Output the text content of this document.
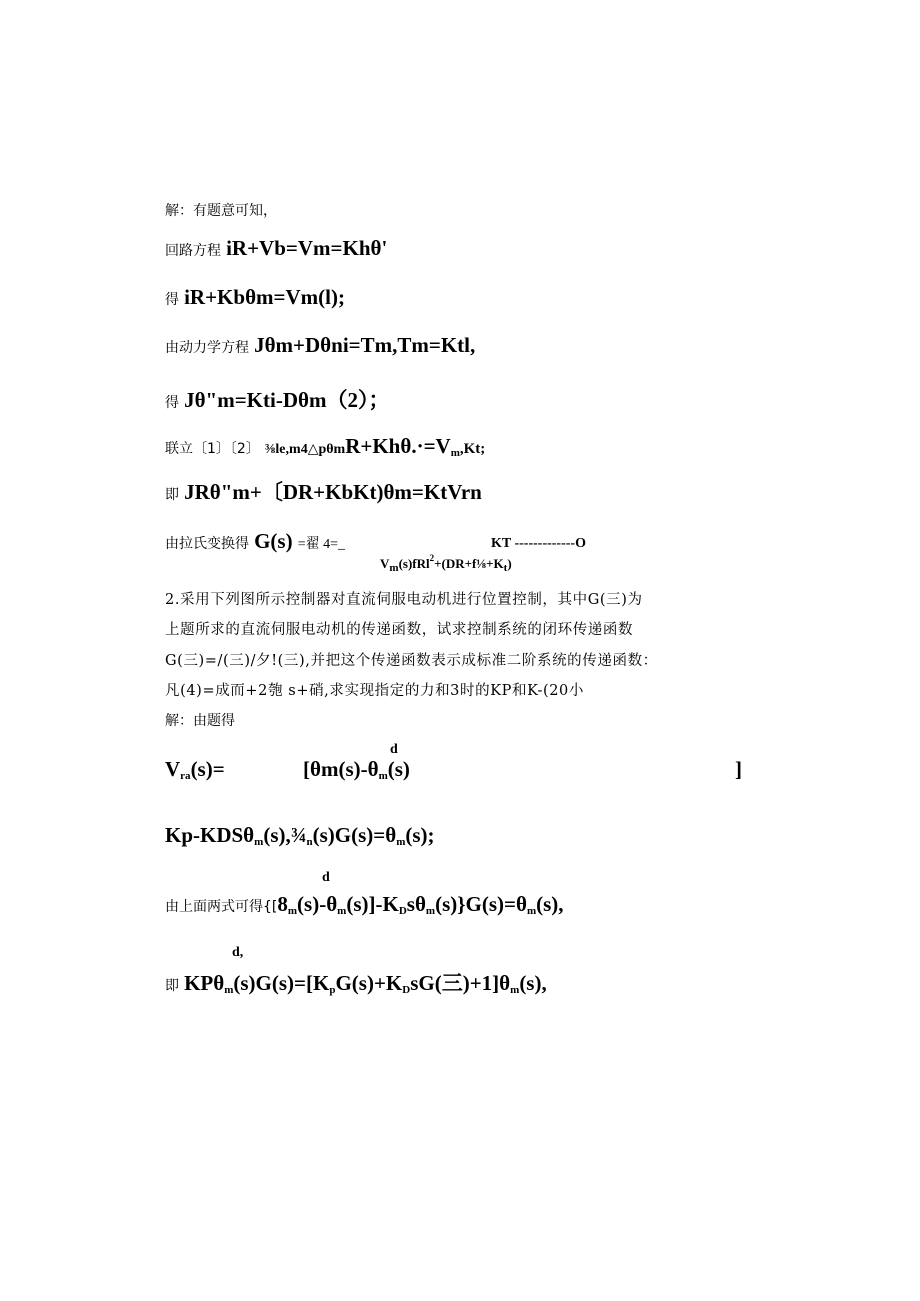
解：有题意可知，
回路方程 iR+Vb=Vm=Khθ'
得 iR+Kbθm=Vm(l);
由动力学方程 Jθm+Dθni=Tm,Tm=Ktl,
得 Jθ"m=Kti-Dθm（2）；
联立〔1〕〔2〕 $\frac{3}{8}le,m4\triangle p\theta mR+Kh\theta.\cdot=V_m,Kt$;
即 JRθ"m+〔DR+KbKt)θm=KtVrn
由拉氏变换得 G(s) =翟 4=_	KT -------------O
$V_m(s)fRl^2+(DR+f\frac{1}{8}+K_t)$
2.采用下列图所示控制器对直流伺服电动机进行位置控制，其中G(三)为
上题所求的直流伺服电动机的传递函数，试求控制系统的闭环传递函数
G(三)=/(三)/夕!(三),并把这个传递函数表示成标准二阶系统的传递函数：
凡(4)=成而+2匏 s+硝,求实现指定的力和3时的KP和K-(20小
解：由题得
d
$V_{ra}(s)=$	[$\theta m(s)-\theta_m(s)$	]
$Kp-KDS\theta_m(s),\frac{3}{4}_n(s)G(s)=\theta_m(s)$;
d
由上面两式可得$\{[8_m(s)-\theta_m(s)]-K_Ds\theta_m(s)\}G(s)=\theta_m(s)$,
d,
即 $KP\theta_m(s)G(s)=[K_pG(s)+K_DsG$(三)$+1]\theta_m(s)$,
